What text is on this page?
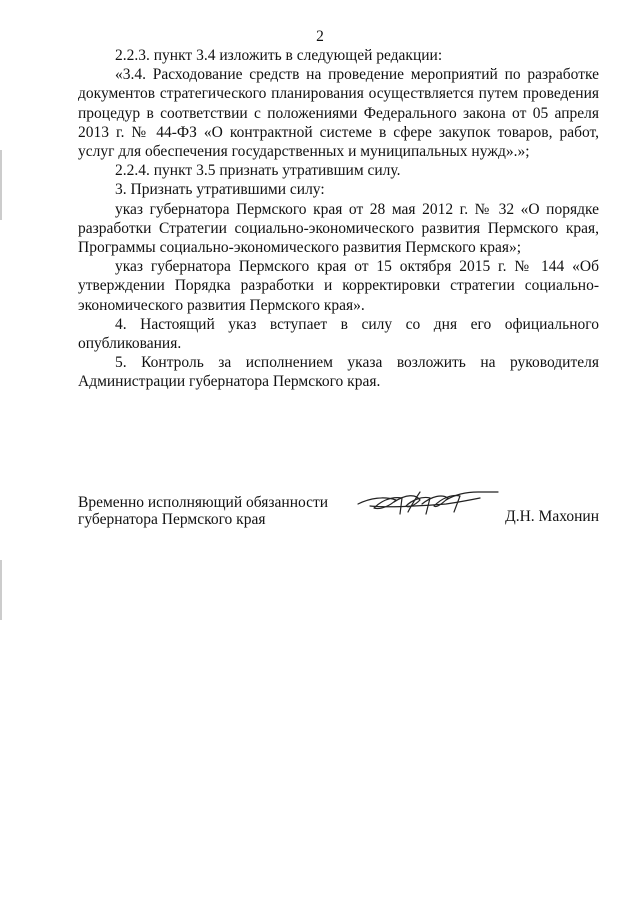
2

2.2.3. пункт 3.4 изложить в следующей редакции:

«3.4. Расходование средств на проведение мероприятий по разработке документов стратегического планирования осуществляется путем проведения процедур в соответствии с положениями Федерального закона от 05 апреля 2013 г. № 44-ФЗ «О контрактной системе в сфере закупок товаров, работ, услуг для обеспечения государственных и муниципальных нужд».»;

2.2.4. пункт 3.5 признать утратившим силу.

3. Признать утратившими силу:

указ губернатора Пермского края от 28 мая 2012 г. № 32 «О порядке разработки Стратегии социально-экономического развития Пермского края, Программы социально-экономического развития Пермского края»;

указ губернатора Пермского края от 15 октября 2015 г. № 144 «Об утверждении Порядка разработки и корректировки стратегии социально-экономического развития Пермского края».

4. Настоящий указ вступает в силу со дня его официального опубликования.

5. Контроль за исполнением указа возложить на руководителя Администрации губернатора Пермского края.

Временно исполняющий обязанности
губернатора Пермского края	Д.Н. Махонин
